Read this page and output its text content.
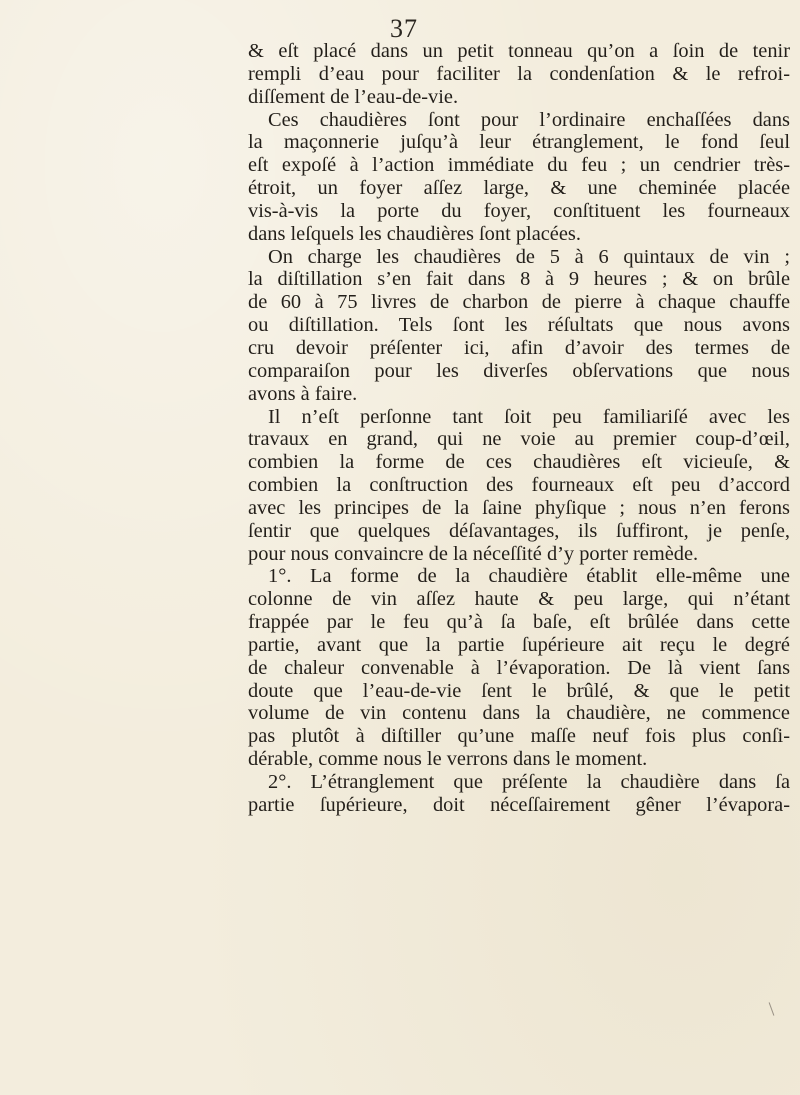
37
& eſt placé dans un petit tonneau qu’on a ſoin de tenir
rempli d’eau pour faciliter la condenſation & le refroi-
diſſement de l’eau-de-vie.
Ces chaudières ſont pour l’ordinaire enchaſſées dans
la maçonnerie juſqu’à leur étranglement, le fond ſeul
eſt expoſé à l’action immédiate du feu ; un cendrier très-
étroit, un foyer aſſez large, & une cheminée placée
vis-à-vis la porte du foyer, conſtituent les fourneaux
dans leſquels les chaudières ſont placées.
On charge les chaudières de 5 à 6 quintaux de vin ;
la diſtillation s’en fait dans 8 à 9 heures ; & on brûle
de 60 à 75 livres de charbon de pierre à chaque chauffe
ou diſtillation. Tels ſont les réſultats que nous avons
cru devoir préſenter ici, afin d’avoir des termes de
comparaiſon pour les diverſes obſervations que nous
avons à faire.
Il n’eſt perſonne tant ſoit peu familiariſé avec les
travaux en grand, qui ne voie au premier coup-d’œil,
combien la forme de ces chaudières eſt vicieuſe, &
combien la conſtruction des fourneaux eſt peu d’accord
avec les principes de la ſaine phyſique ; nous n’en ferons
ſentir que quelques déſavantages, ils ſuffiront, je penſe,
pour nous convaincre de la néceſſité d’y porter remède.
1°. La forme de la chaudière établit elle-même une
colonne de vin aſſez haute & peu large, qui n’étant
frappée par le feu qu’à ſa baſe, eſt brûlée dans cette
partie, avant que la partie ſupérieure ait reçu le degré
de chaleur convenable à l’évaporation. De là vient ſans
doute que l’eau-de-vie ſent le brûlé, & que le petit
volume de vin contenu dans la chaudière, ne commence
pas plutôt à diſtiller qu’une maſſe neuf fois plus conſi-
dérable, comme nous le verrons dans le moment.
2°. L’étranglement que préſente la chaudière dans ſa
partie ſupérieure, doit néceſſairement gêner l’évapora-
